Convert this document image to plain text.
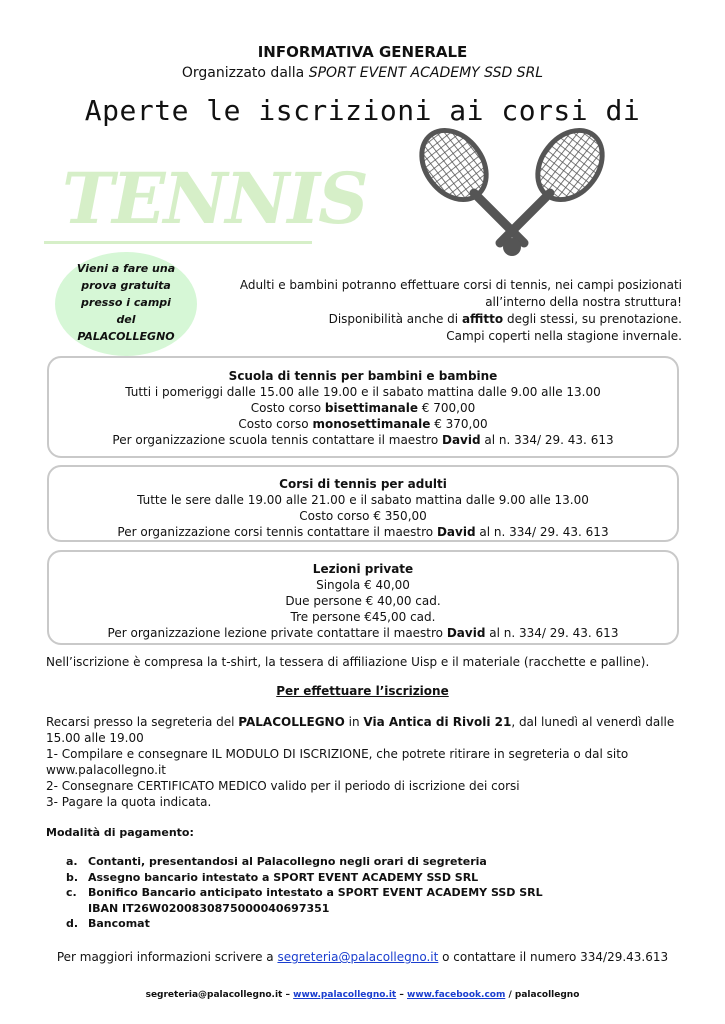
INFORMATIVA GENERALE
Organizzato dalla SPORT EVENT ACADEMY SSD SRL
Aperte le iscrizioni ai corsi di
TENNIS
Vieni a fare una
prova gratuita
presso i campi
del
PALACOLLEGNO
Adulti e bambini potranno effettuare corsi di tennis, nei campi posizionati
all’interno della nostra struttura!
Disponibilità anche di affitto degli stessi, su prenotazione.
Campi coperti nella stagione invernale.
Scuola di tennis per bambini e bambine
Tutti i pomeriggi dalle 15.00 alle 19.00 e il sabato mattina dalle 9.00 alle 13.00
Costo corso bisettimanale € 700,00
Costo corso monosettimanale € 370,00
Per organizzazione scuola tennis contattare il maestro David al n. 334/ 29. 43. 613
Corsi di tennis per adulti
Tutte le sere dalle 19.00 alle 21.00 e il sabato mattina dalle 9.00 alle 13.00
Costo corso € 350,00
Per organizzazione corsi tennis contattare il maestro David al n. 334/ 29. 43. 613
Lezioni private
Singola € 40,00
Due persone € 40,00 cad.
Tre persone €45,00 cad.
Per organizzazione lezione private contattare il maestro David al n. 334/ 29. 43. 613
Nell’iscrizione è compresa la t-shirt, la tessera di affiliazione Uisp e il materiale (racchette e palline).
Per effettuare l’iscrizione
Recarsi presso la segreteria del PALACOLLEGNO in Via Antica di Rivoli 21, dal lunedì al venerdì dalle 15.00 alle 19.00
1- Compilare e consegnare IL MODULO DI ISCRIZIONE, che potrete ritirare in segreteria o dal sito www.palacollegno.it
2- Consegnare CERTIFICATO MEDICO valido per il periodo di iscrizione dei corsi
3- Pagare la quota indicata.
Modalità di pagamento:
a. Contanti, presentandosi al Palacollegno negli orari di segreteria
b. Assegno bancario intestato a SPORT EVENT ACADEMY SSD SRL
c. Bonifico Bancario anticipato intestato a SPORT EVENT ACADEMY SSD SRL
IBAN IT26W0200830875000040697351
d. Bancomat
Per maggiori informazioni scrivere a segreteria@palacollegno.it o contattare il numero 334/29.43.613
segreteria@palacollegno.it – www.palacollegno.it – www.facebook.com / palacollegno
